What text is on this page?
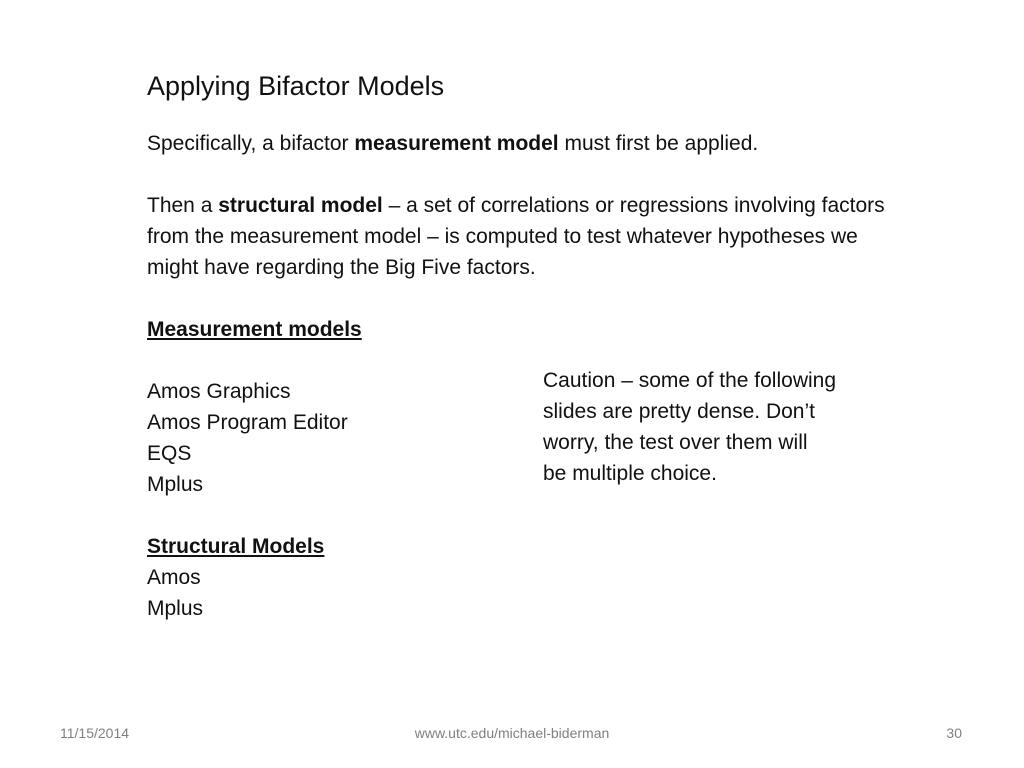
Applying Bifactor Models

Specifically, a bifactor measurement model must first be applied.

Then a structural model – a set of correlations or regressions involving factors from the measurement model – is computed to test whatever hypotheses we might have regarding the Big Five factors.

Measurement models
Amos Graphics
Amos Program Editor
EQS
Mplus
Structural Models
Amos
Mplus
Caution – some of the following
slides are pretty dense. Don’t
worry, the test over them will
be multiple choice.
11/15/2014	www.utc.edu/michael-biderman	30
